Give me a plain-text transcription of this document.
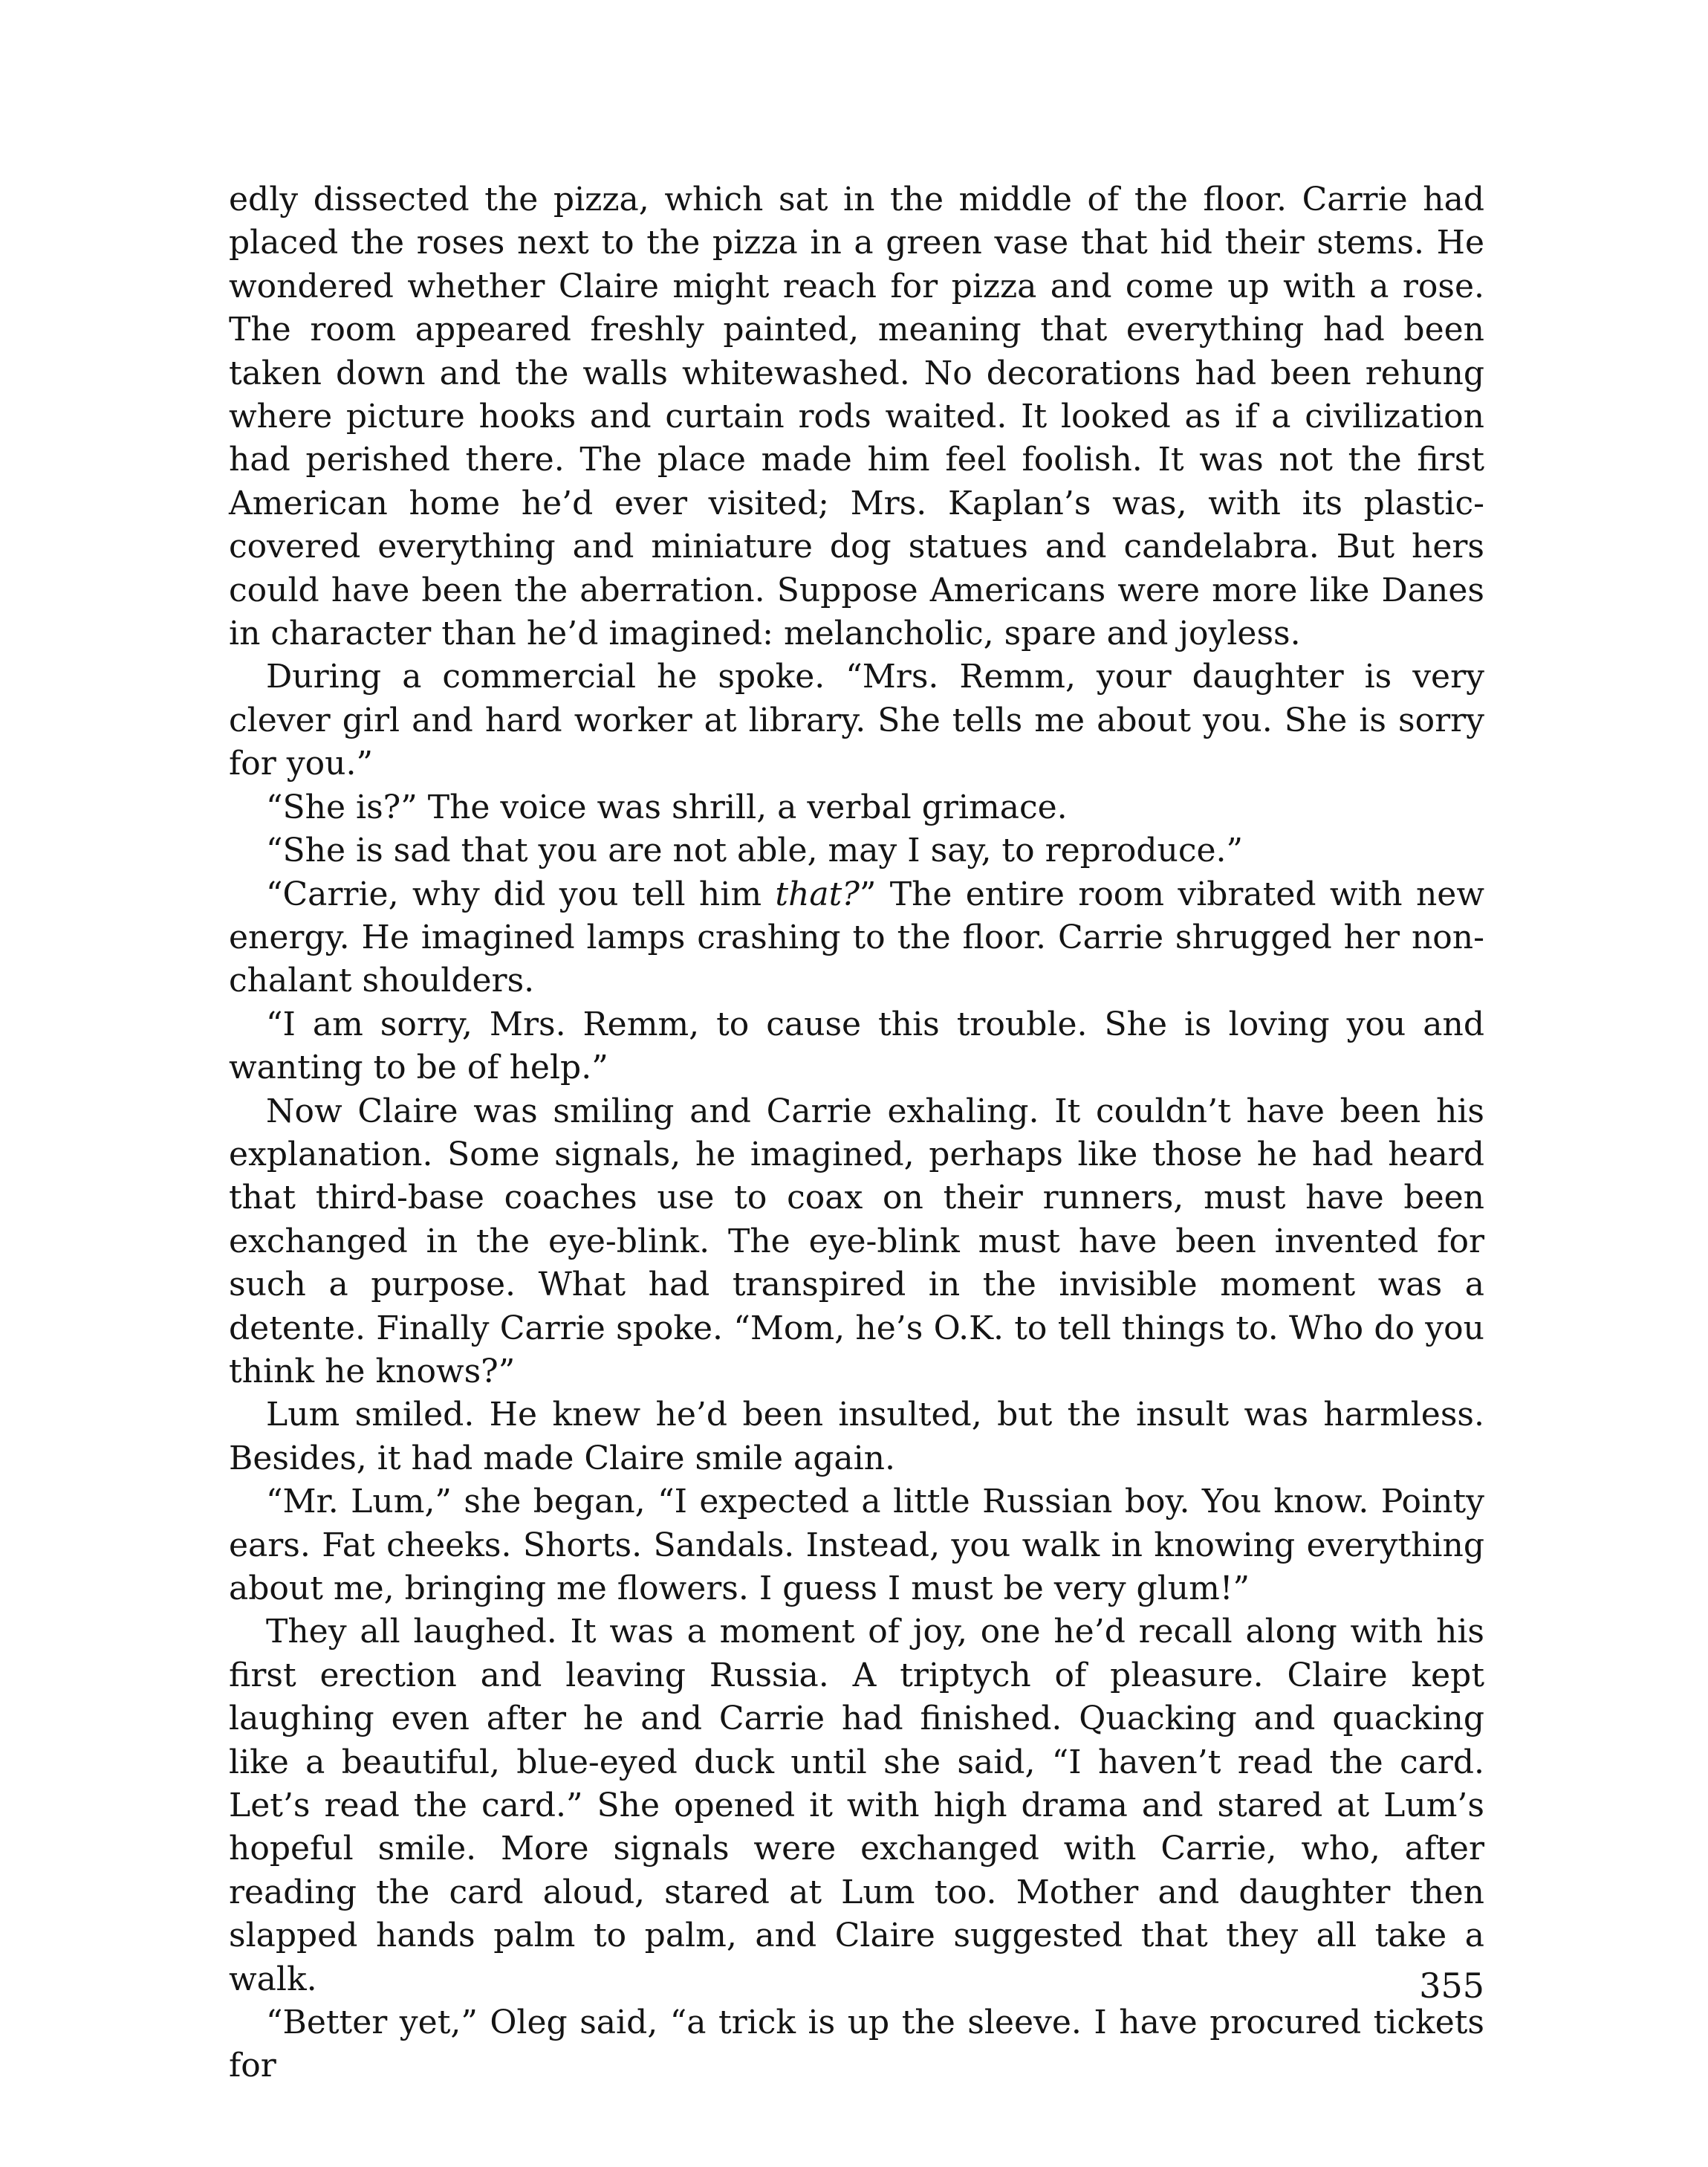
edly dissected the pizza, which sat in the middle of the floor. Carrie had placed the roses next to the pizza in a green vase that hid their stems. He wondered whether Claire might reach for pizza and come up with a rose. The room appeared freshly painted, meaning that everything had been taken down and the walls whitewashed. No decorations had been rehung where picture hooks and curtain rods waited. It looked as if a civilization had perished there. The place made him feel foolish. It was not the first American home he’d ever visited; Mrs. Kaplan’s was, with its plastic-covered everything and miniature dog statues and candelabra. But hers could have been the aberration. Suppose Americans were more like Danes in character than he’d imagined: melancholic, spare and joyless.

During a commercial he spoke. “Mrs. Remm, your daughter is very clever girl and hard worker at library. She tells me about you. She is sorry for you.”

“She is?” The voice was shrill, a verbal grimace.

“She is sad that you are not able, may I say, to reproduce.”

“Carrie, why did you tell him that?” The entire room vibrated with new energy. He imagined lamps crashing to the floor. Carrie shrugged her nonchalant shoulders.

“I am sorry, Mrs. Remm, to cause this trouble. She is loving you and wanting to be of help.”

Now Claire was smiling and Carrie exhaling. It couldn’t have been his explanation. Some signals, he imagined, perhaps like those he had heard that third-base coaches use to coax on their runners, must have been exchanged in the eye-blink. The eye-blink must have been invented for such a purpose. What had transpired in the invisible moment was a detente. Finally Carrie spoke. “Mom, he’s O.K. to tell things to. Who do you think he knows?”

Lum smiled. He knew he’d been insulted, but the insult was harmless. Besides, it had made Claire smile again.

“Mr. Lum,” she began, “I expected a little Russian boy. You know. Pointy ears. Fat cheeks. Shorts. Sandals. Instead, you walk in knowing everything about me, bringing me flowers. I guess I must be very glum!”

They all laughed. It was a moment of joy, one he’d recall along with his first erection and leaving Russia. A triptych of pleasure. Claire kept laughing even after he and Carrie had finished. Quacking and quacking like a beautiful, blue-eyed duck until she said, “I haven’t read the card. Let’s read the card.” She opened it with high drama and stared at Lum’s hopeful smile. More signals were exchanged with Carrie, who, after reading the card aloud, stared at Lum too. Mother and daughter then slapped hands palm to palm, and Claire suggested that they all take a walk.

“Better yet,” Oleg said, “a trick is up the sleeve. I have procured tickets for

355
